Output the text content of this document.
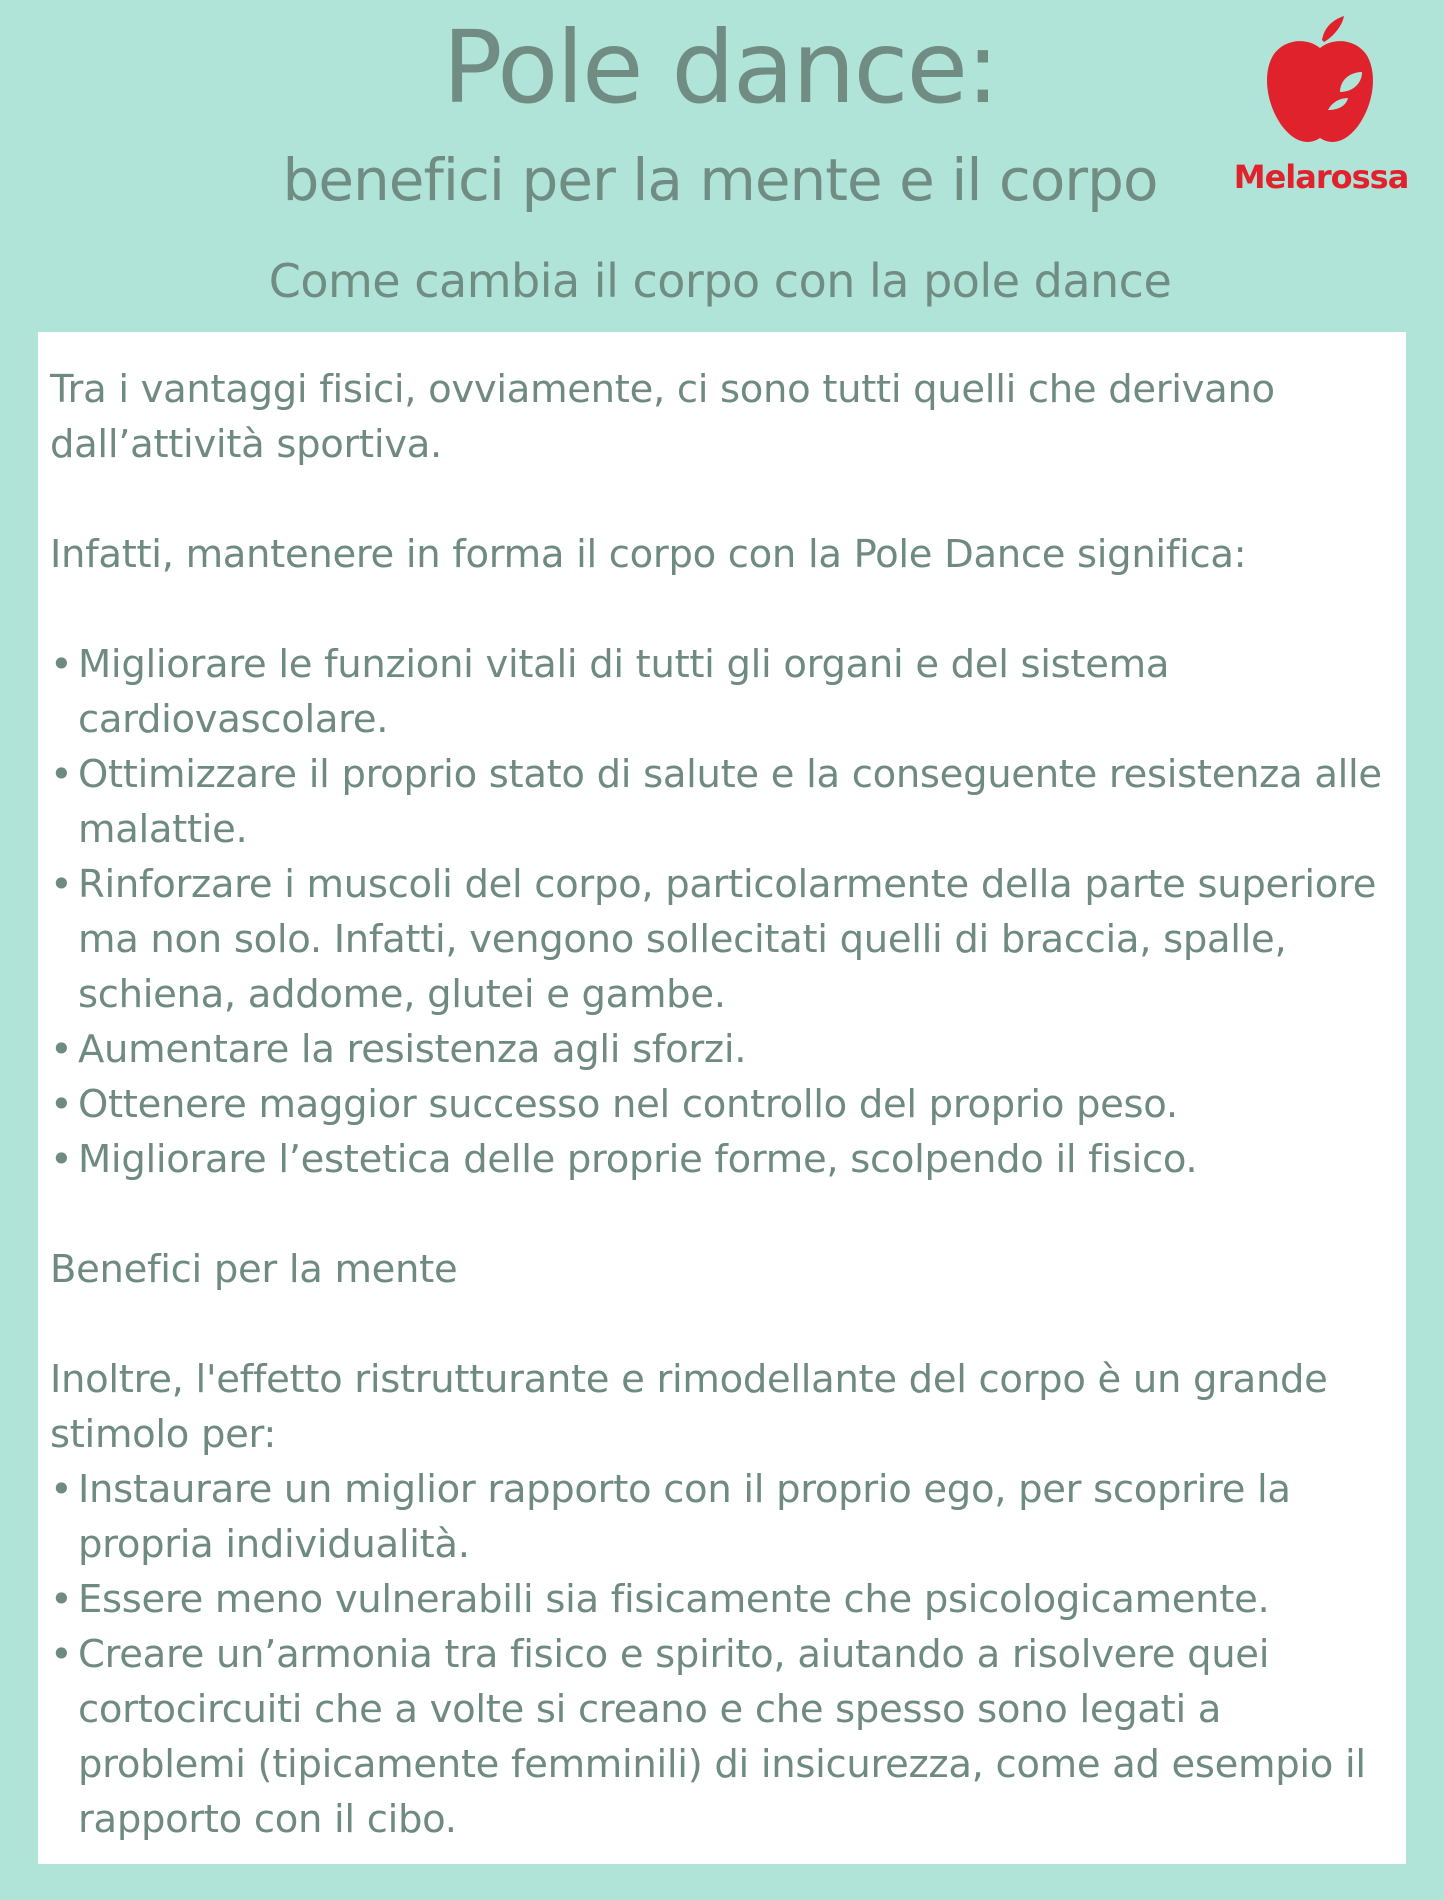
Pole dance:
benefici per la mente e il corpo
Come cambia il corpo con la pole dance
Melarossa

Tra i vantaggi fisici, ovviamente, ci sono tutti quelli che derivano dall’attività sportiva.

Infatti, mantenere in forma il corpo con la Pole Dance significa:

• Migliorare le funzioni vitali di tutti gli organi e del sistema cardiovascolare.
• Ottimizzare il proprio stato di salute e la conseguente resistenza alle malattie.
• Rinforzare i muscoli del corpo, particolarmente della parte superiore ma non solo. Infatti, vengono sollecitati quelli di braccia, spalle, schiena, addome, glutei e gambe.
• Aumentare la resistenza agli sforzi.
• Ottenere maggior successo nel controllo del proprio peso.
• Migliorare l’estetica delle proprie forme, scolpendo il fisico.

Benefici per la mente

Inoltre, l'effetto ristrutturante e rimodellante del corpo è un grande stimolo per:

• Instaurare un miglior rapporto con il proprio ego, per scoprire la propria individualità.
• Essere meno vulnerabili sia fisicamente che psicologicamente.
• Creare un’armonia tra fisico e spirito, aiutando a risolvere quei cortocircuiti che a volte si creano e che spesso sono legati a problemi (tipicamente femminili) di insicurezza, come ad esempio il rapporto con il cibo.
